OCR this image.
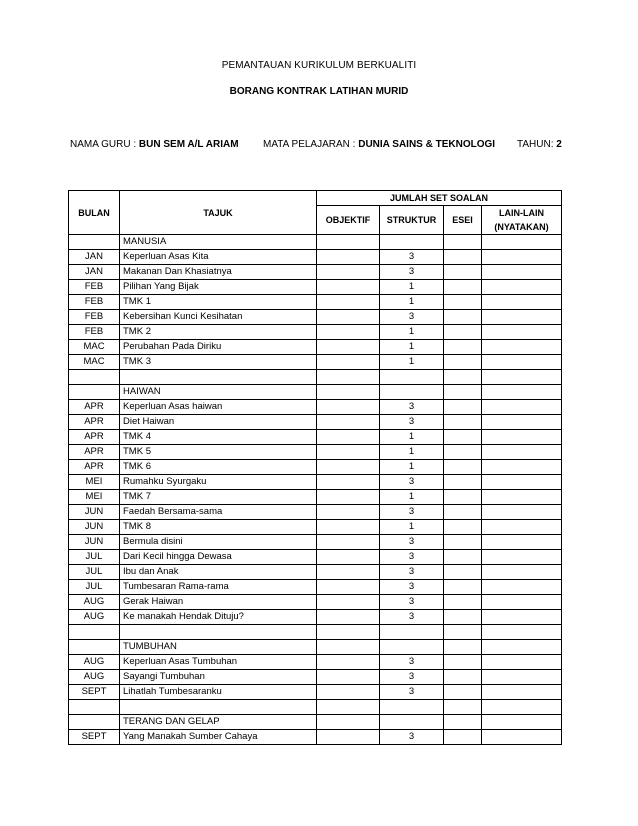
PEMANTAUAN KURIKULUM BERKUALITI
BORANG KONTRAK LATIHAN MURID
NAMA GURU : BUN SEM A/L ARIAM MATA PELAJARAN : DUNIA SAINS & TEKNOLOGI TAHUN: 2
BULAN	TAJUK	JUMLAH SET SOALAN			
		OBJEKTIF	STRUKTUR	ESEI	LAIN-LAIN (NYATAKAN)
	MANUSIA				
JAN	Keperluan Asas Kita		3		
JAN	Makanan Dan Khasiatnya		3		
FEB	Pilihan Yang Bijak		1		
FEB	TMK 1		1		
FEB	Kebersihan Kunci Kesihatan		3		
FEB	TMK 2		1		
MAC	Perubahan Pada Diriku		1		
MAC	TMK 3		1		

	HAIWAN				
APR	Keperluan Asas haiwan		3		
APR	Diet Haiwan		3		
APR	TMK 4		1		
APR	TMK 5		1		
APR	TMK 6		1		
MEI	Rumahku Syurgaku		3		
MEI	TMK 7		1		
JUN	Faedah Bersama-sama		3		
JUN	TMK 8		1		
JUN	Bermula disini		3		
JUL	Dari Kecil hingga Dewasa		3		
JUL	Ibu dan Anak		3		
JUL	Tumbesaran Rama-rama		3		
AUG	Gerak Haiwan		3		
AUG	Ke manakah Hendak Dituju?		3		

	TUMBUHAN				
AUG	Keperluan Asas Tumbuhan		3		
AUG	Sayangi Tumbuhan		3		
SEPT	Lihatlah Tumbesaranku		3		

	TERANG DAN GELAP				
SEPT	Yang Manakah Sumber Cahaya		3		
